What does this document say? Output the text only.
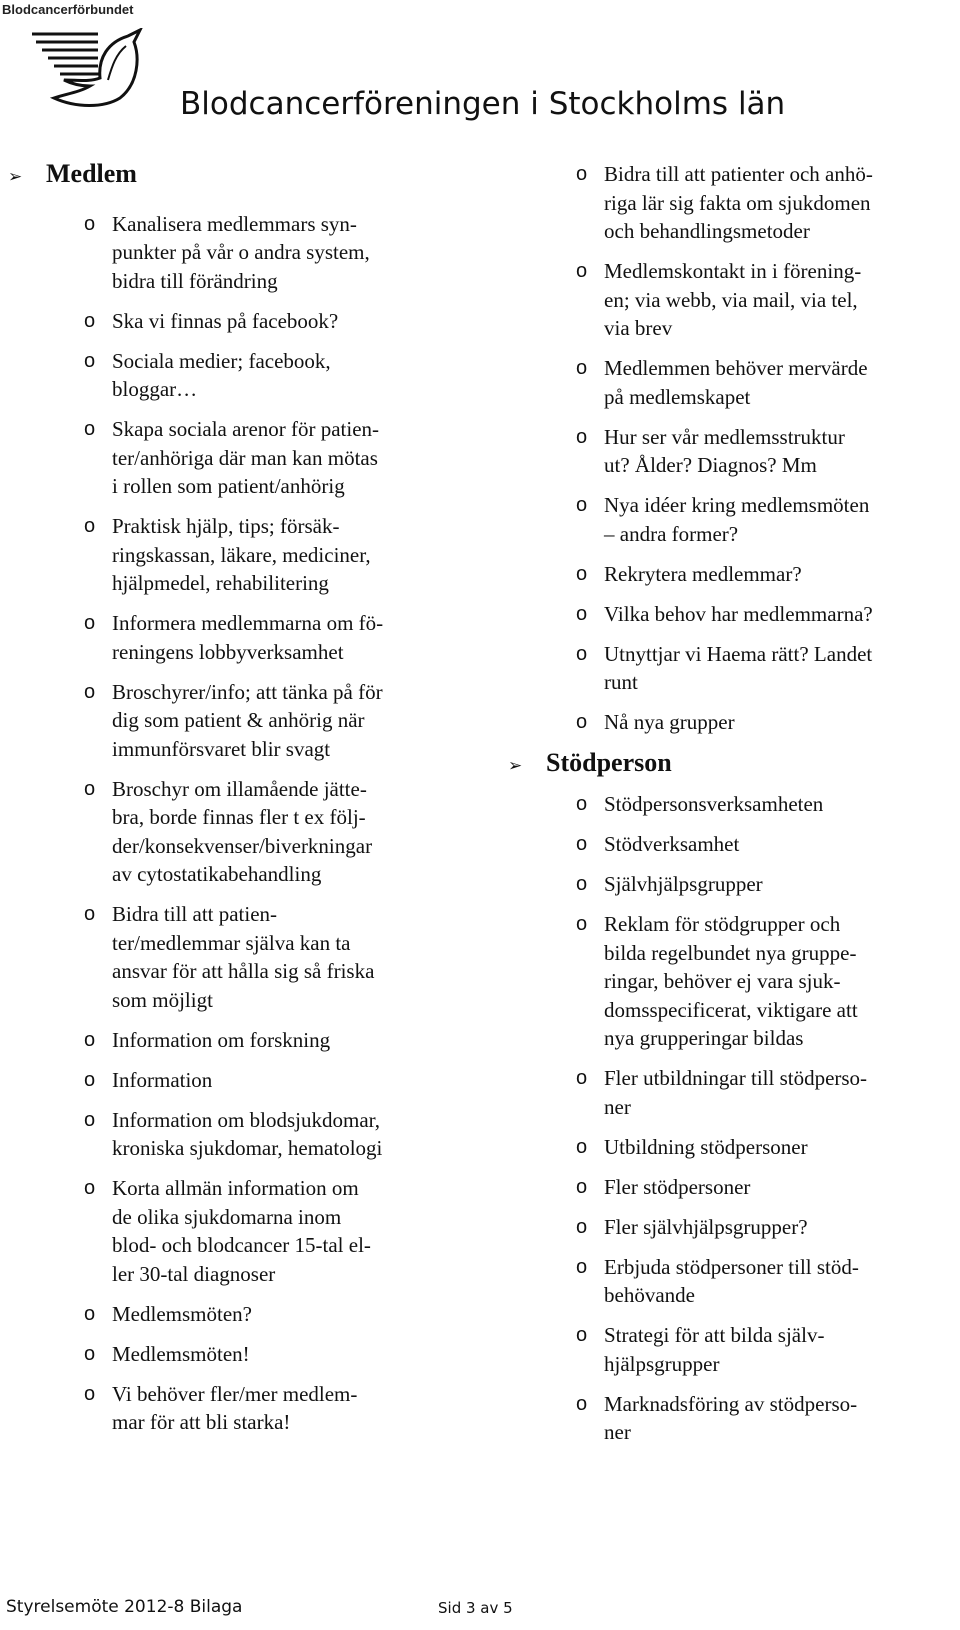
Blodcancerförbundet
Blodcancerföreningen i Stockholms län
➢ Medlem
o Kanalisera medlemmars syn-
punkter på vår o andra system,
bidra till förändring
o Ska vi finnas på facebook?
o Sociala medier; facebook,
bloggar…
o Skapa sociala arenor för patien-
ter/anhöriga där man kan mötas
i rollen som patient/anhörig
o Praktisk hjälp, tips; försäk-
ringskassan, läkare, mediciner,
hjälpmedel, rehabilitering
o Informera medlemmarna om fö-
reningens lobbyverksamhet
o Broschyrer/info; att tänka på för
dig som patient & anhörig när
immunförsvaret blir svagt
o Broschyr om illamående jätte-
bra, borde finnas fler t ex följ-
der/konsekvenser/biverkningar
av cytostatikabehandling
o Bidra till att patien-
ter/medlemmar själva kan ta
ansvar för att hålla sig så friska
som möjligt
o Information om forskning
o Information
o Information om blodsjukdomar,
kroniska sjukdomar, hematologi
o Korta allmän information om
de olika sjukdomarna inom
blod- och blodcancer 15-tal el-
ler 30-tal diagnoser
o Medlemsmöten?
o Medlemsmöten!
o Vi behöver fler/mer medlem-
mar för att bli starka!
o Bidra till att patienter och anhö-
riga lär sig fakta om sjukdomen
och behandlingsmetoder
o Medlemskontakt in i förening-
en; via webb, via mail, via tel,
via brev
o Medlemmen behöver mervärde
på medlemskapet
o Hur ser vår medlemsstruktur
ut? Ålder? Diagnos? Mm
o Nya idéer kring medlemsmöten
– andra former?
o Rekrytera medlemmar?
o Vilka behov har medlemmarna?
o Utnyttjar vi Haema rätt? Landet
runt
o Nå nya grupper
➢ Stödperson
o Stödpersonsverksamheten
o Stödverksamhet
o Självhjälpsgrupper
o Reklam för stödgrupper och
bilda regelbundet nya gruppe-
ringar, behöver ej vara sjuk-
domsspecificerat, viktigare att
nya grupperingar bildas
o Fler utbildningar till stödperso-
ner
o Utbildning stödpersoner
o Fler stödpersoner
o Fler självhjälpsgrupper?
o Erbjuda stödpersoner till stöd-
behövande
o Strategi för att bilda själv-
hjälpsgrupper
o Marknadsföring av stödperso-
ner
Styrelsemöte 2012-8 Bilaga	Sid 3 av 5
